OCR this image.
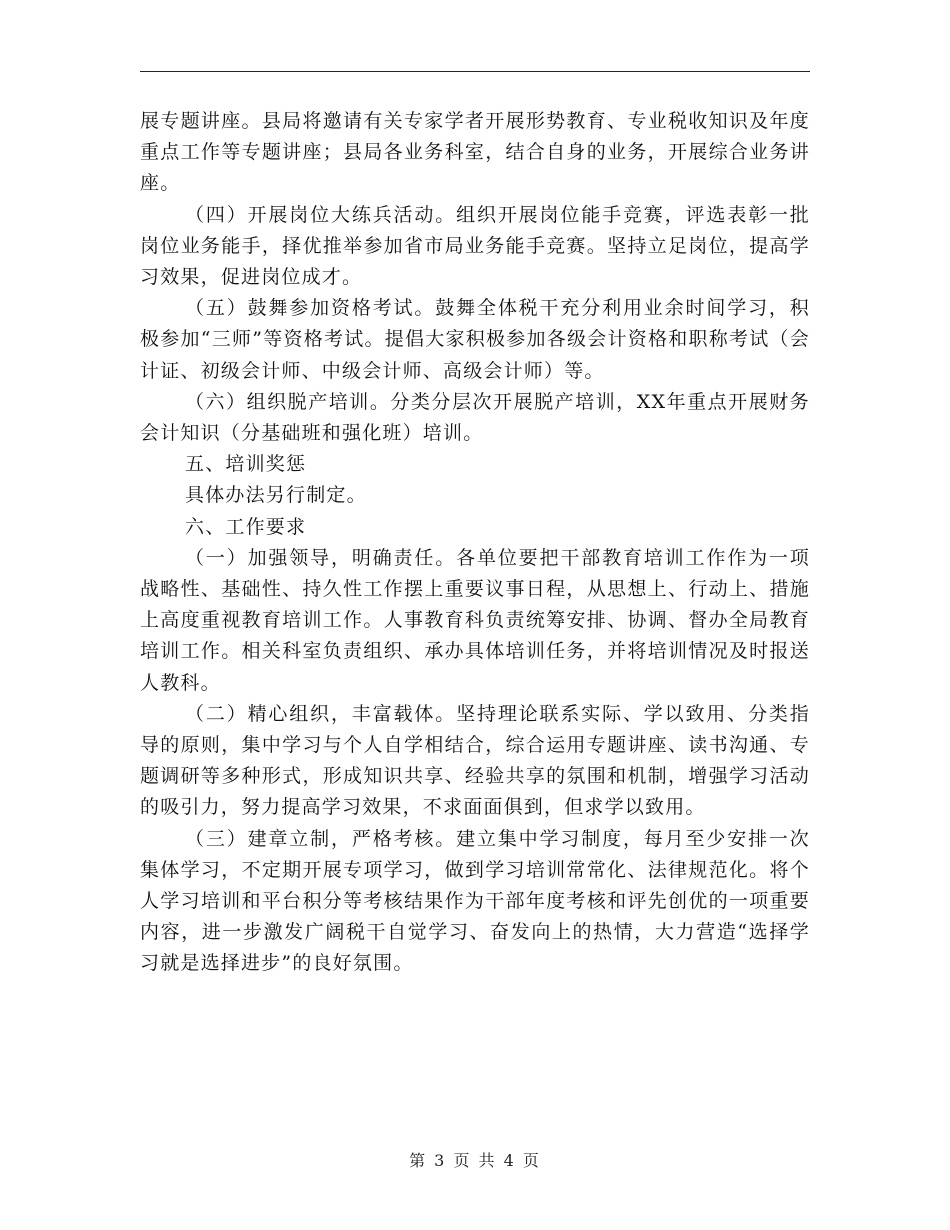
展专题讲座。县局将邀请有关专家学者开展形势教育、专业税收知识及年度重点工作等专题讲座；县局各业务科室，结合自身的业务，开展综合业务讲座。

（四）开展岗位大练兵活动。组织开展岗位能手竞赛，评选表彰一批岗位业务能手，择优推举参加省市局业务能手竞赛。坚持立足岗位，提高学习效果，促进岗位成才。

（五）鼓舞参加资格考试。鼓舞全体税干充分利用业余时间学习，积极参加“三师”等资格考试。提倡大家积极参加各级会计资格和职称考试（会计证、初级会计师、中级会计师、高级会计师）等。

（六）组织脱产培训。分类分层次开展脱产培训，XX年重点开展财务会计知识（分基础班和强化班）培训。

五、培训奖惩

具体办法另行制定。

六、工作要求

（一）加强领导，明确责任。各单位要把干部教育培训工作作为一项战略性、基础性、持久性工作摆上重要议事日程，从思想上、行动上、措施上高度重视教育培训工作。人事教育科负责统筹安排、协调、督办全局教育培训工作。相关科室负责组织、承办具体培训任务，并将培训情况及时报送人教科。

（二）精心组织，丰富载体。坚持理论联系实际、学以致用、分类指导的原则，集中学习与个人自学相结合，综合运用专题讲座、读书沟通、专题调研等多种形式，形成知识共享、经验共享的氛围和机制，增强学习活动的吸引力，努力提高学习效果，不求面面俱到，但求学以致用。

（三）建章立制，严格考核。建立集中学习制度，每月至少安排一次集体学习，不定期开展专项学习，做到学习培训常常化、法律规范化。将个人学习培训和平台积分等考核结果作为干部年度考核和评先创优的一项重要内容，进一步激发广阔税干自觉学习、奋发向上的热情，大力营造“选择学习就是选择进步”的良好氛围。

第 3 页 共 4 页
